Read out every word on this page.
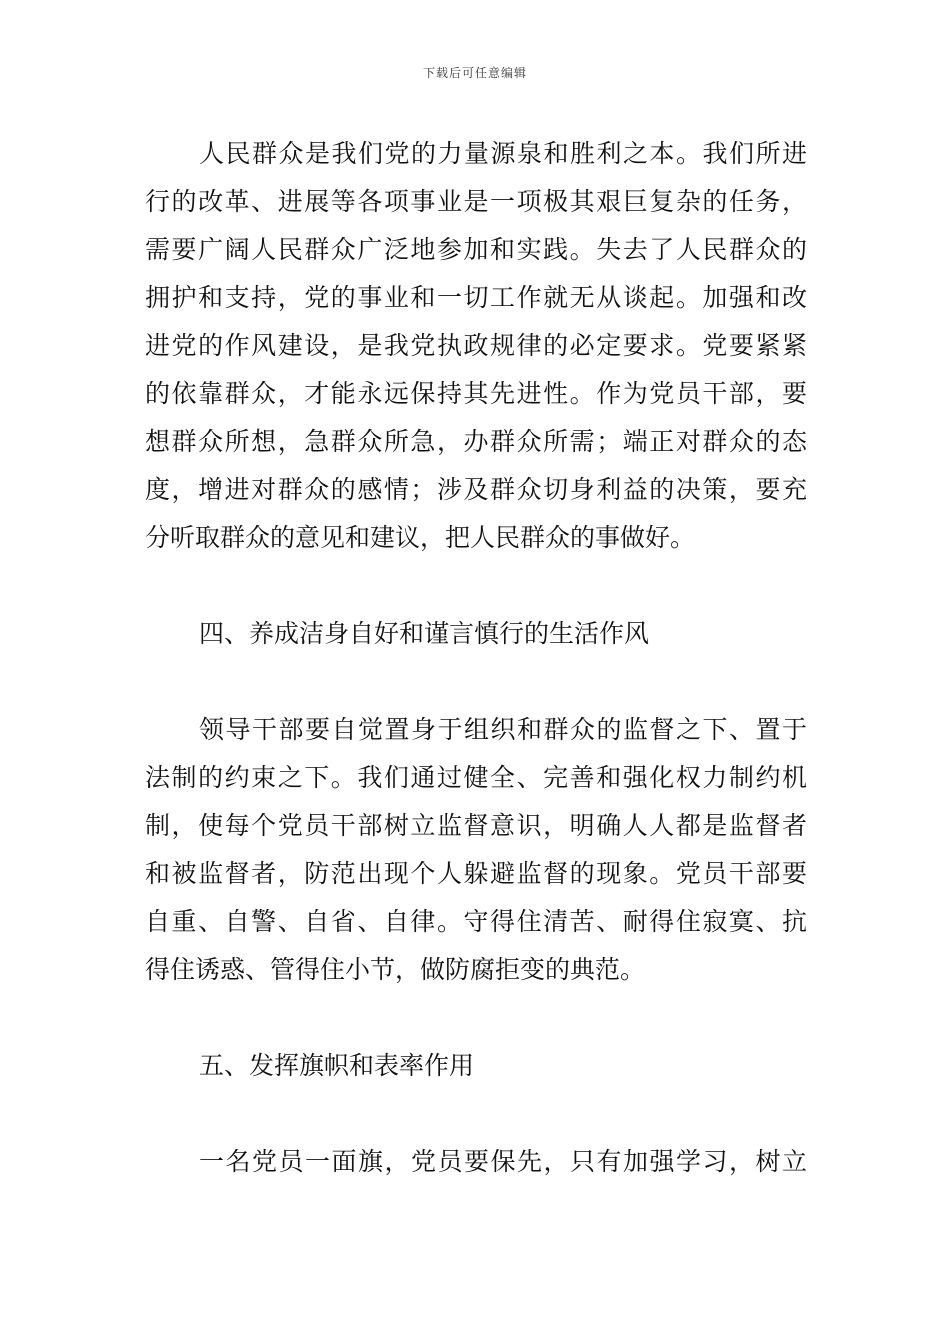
下载后可任意编辑
人民群众是我们党的力量源泉和胜利之本。我们所进
行的改革、进展等各项事业是一项极其艰巨复杂的任务，
需要广阔人民群众广泛地参加和实践。失去了人民群众的
拥护和支持，党的事业和一切工作就无从谈起。加强和改
进党的作风建设，是我党执政规律的必定要求。党要紧紧
的依靠群众，才能永远保持其先进性。作为党员干部，要
想群众所想，急群众所急，办群众所需；端正对群众的态
度，增进对群众的感情；涉及群众切身利益的决策，要充
分听取群众的意见和建议，把人民群众的事做好。
四、养成洁身自好和谨言慎行的生活作风
领导干部要自觉置身于组织和群众的监督之下、置于
法制的约束之下。我们通过健全、完善和强化权力制约机
制，使每个党员干部树立监督意识，明确人人都是监督者
和被监督者，防范出现个人躲避监督的现象。党员干部要
自重、自警、自省、自律。守得住清苦、耐得住寂寞、抗
得住诱惑、管得住小节，做防腐拒变的典范。
五、发挥旗帜和表率作用
一名党员一面旗，党员要保先，只有加强学习，树立
